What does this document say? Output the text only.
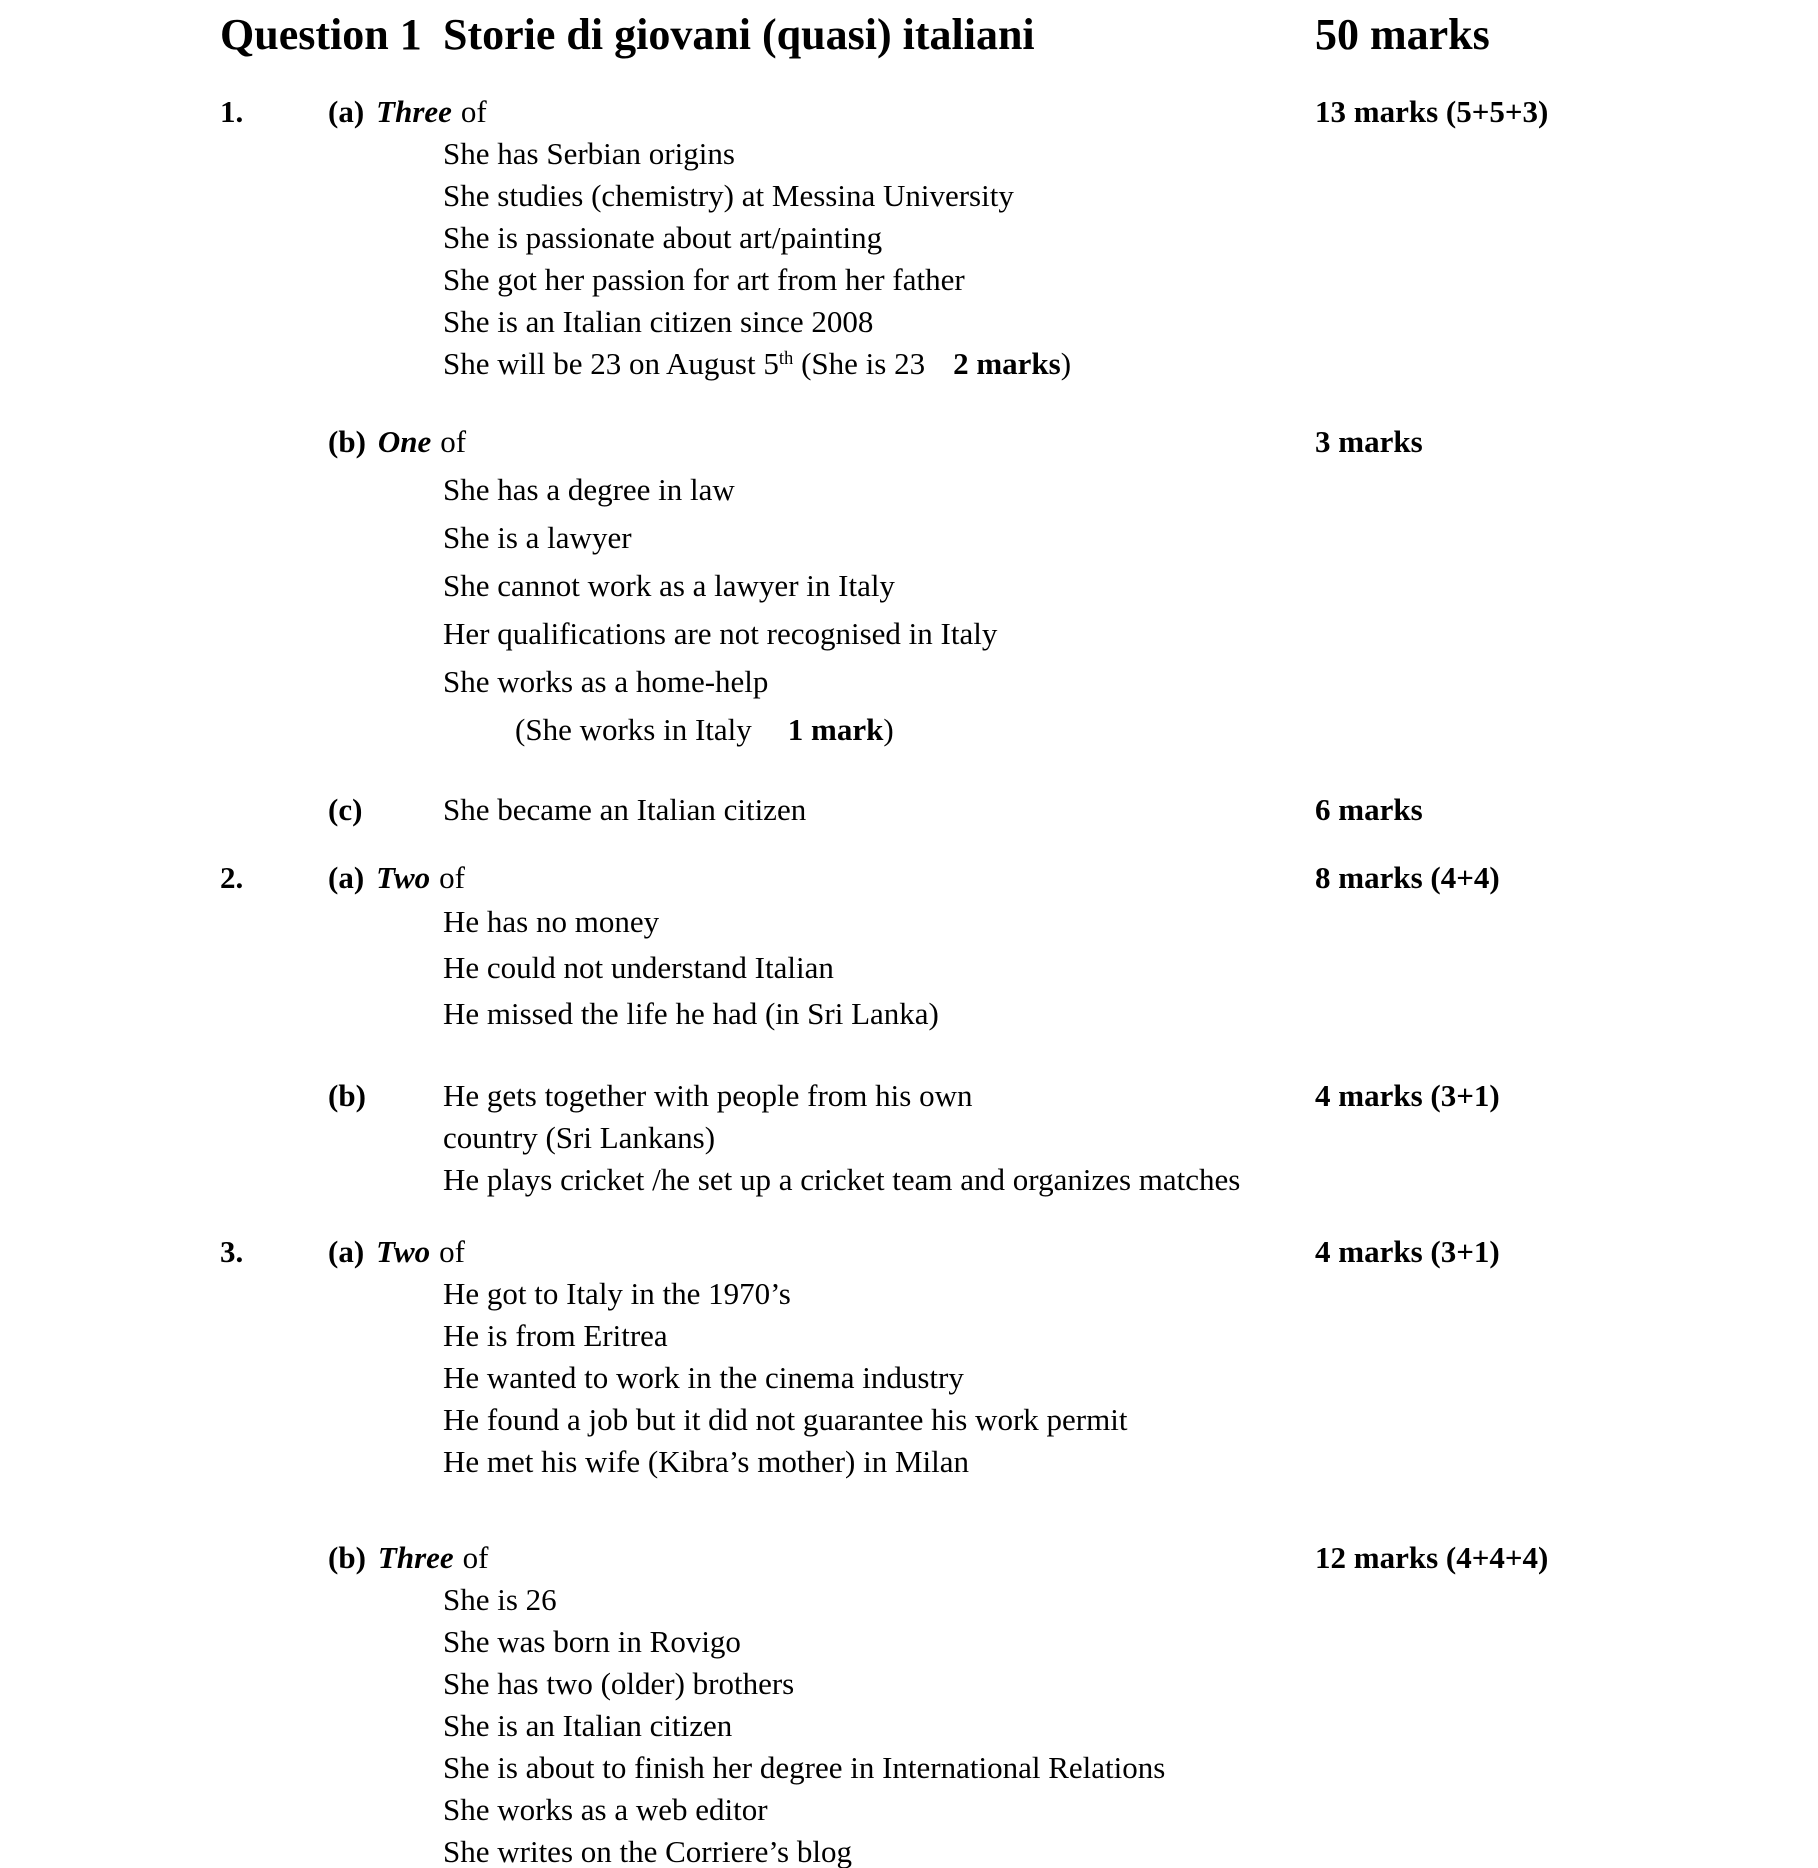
Question 1 Storie di giovani (quasi) italiani	50 marks
1.	(a) Three of	13 marks (5+5+3)
She has Serbian origins
She studies (chemistry) at Messina University
She is passionate about art/painting
She got her passion for art from her father
She is an Italian citizen since 2008
She will be 23 on August 5th (She is 23 2 marks)
(b) One of	3 marks
She has a degree in law
She is a lawyer
She cannot work as a lawyer in Italy
Her qualifications are not recognised in Italy
She works as a home-help
(She works in Italy 1 mark)
(c)	She became an Italian citizen	6 marks
2.	(a) Two of	8 marks (4+4)
He has no money
He could not understand Italian
He missed the life he had (in Sri Lanka)
(b)	He gets together with people from his own	4 marks (3+1)
country (Sri Lankans)
He plays cricket /he set up a cricket team and organizes matches
3.	(a) Two of	4 marks (3+1)
He got to Italy in the 1970’s
He is from Eritrea
He wanted to work in the cinema industry
He found a job but it did not guarantee his work permit
He met his wife (Kibra’s mother) in Milan
(b) Three of	12 marks (4+4+4)
She is 26
She was born in Rovigo
She has two (older) brothers
She is an Italian citizen
She is about to finish her degree in International Relations
She works as a web editor
She writes on the Corriere’s blog
